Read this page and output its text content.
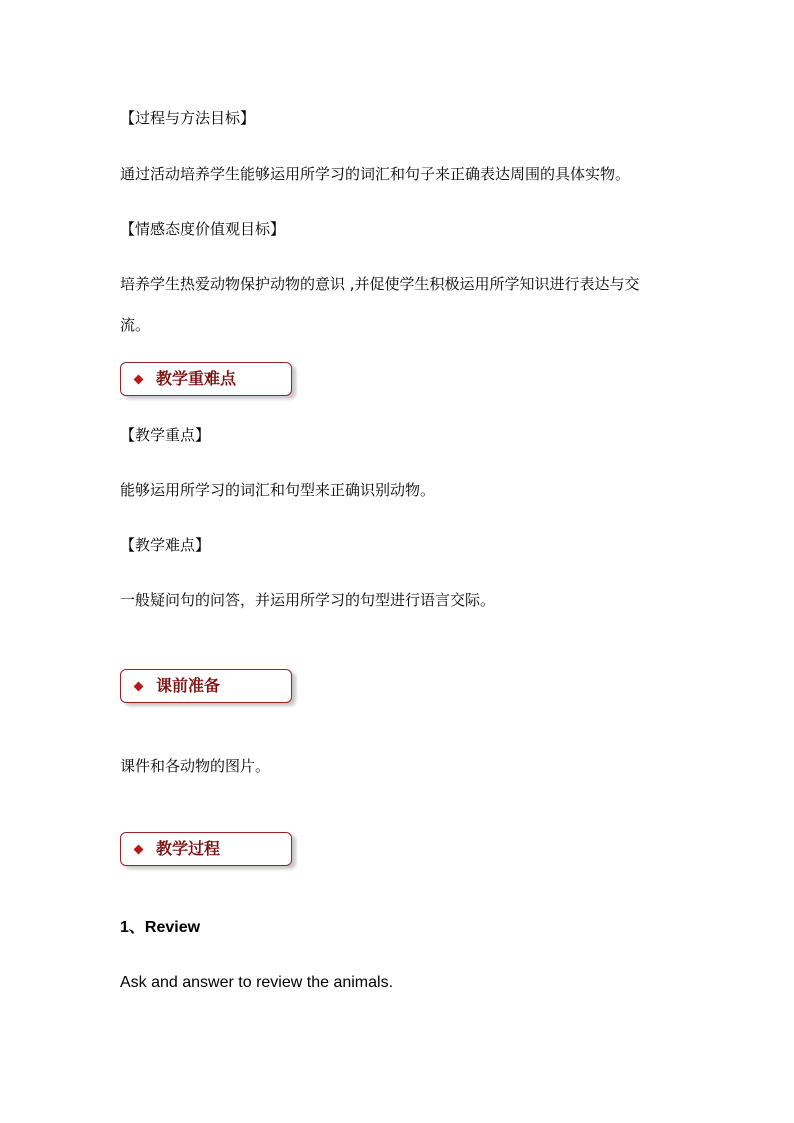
【过程与方法目标】

通过活动培养学生能够运用所学习的词汇和句子来正确表达周围的具体实物。

【情感态度价值观目标】

培养学生热爱动物保护动物的意识 ,并促使学生积极运用所学知识进行表达与交

流。

教学重难点

【教学重点】

能够运用所学习的词汇和句型来正确识别动物。

【教学难点】

一般疑问句的问答，并运用所学习的句型进行语言交际。

课前准备

课件和各动物的图片。

教学过程

1、Review

Ask and answer to review the animals.
